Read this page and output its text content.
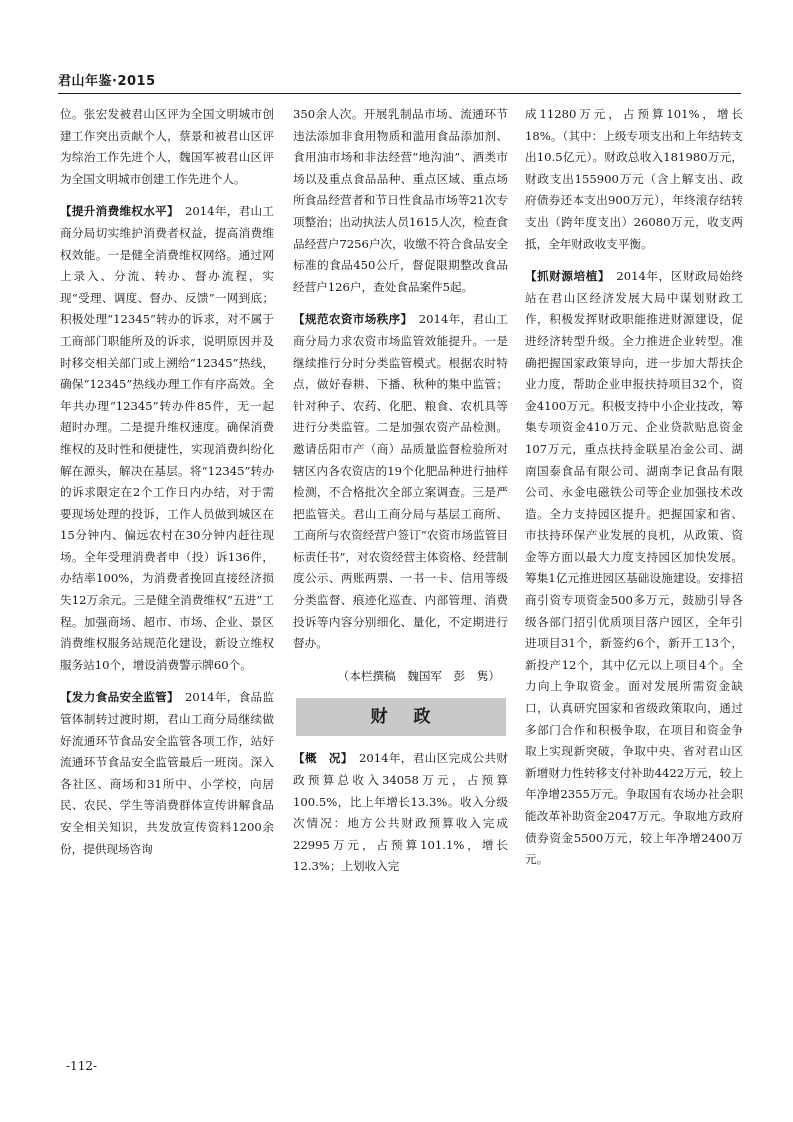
君山年鉴·2015

位。张宏发被君山区评为全国文明城市创建工作突出贡献个人，蔡景和被君山区评为综治工作先进个人，魏国军被君山区评为全国文明城市创建工作先进个人。

【提升消费维权水平】　 2014年，君山工商分局切实维护消费者权益，提高消费维权效能。一是健全消费维权网络。通过网上录入、分流、转办、督办流程，实现“受理、调度、督办、反馈”一网到底；积极处理“12345”转办的诉求，对不属于工商部门职能所及的诉求，说明原因并及时移交相关部门或上溯给“12345”热线，确保“12345”热线办理工作有序高效。全年共办理“12345”转办件85件，无一起超时办理。二是提升维权速度。确保消费维权的及时性和便捷性，实现消费纠纷化解在源头，解决在基层。将“12345”转办的诉求限定在2个工作日内办结，对于需要现场处理的投诉，工作人员做到城区在15分钟内、偏远农村在30分钟内赶往现场。全年受理消费者申（投）诉136件，办结率100%，为消费者挽回直接经济损失12万余元。三是健全消费维权“五进”工程。加强商场、超市、市场、企业、景区消费维权服务站规范化建设，新设立维权服务站10个，增设消费警示牌60个。

【发力食品安全监管】　 2014年，食品监管体制转过渡时期，君山工商分局继续做好流通环节食品安全监管各项工作，站好流通环节食品安全监管最后一班岗。深入各社区、商场和31所中、小学校，向居民、农民、学生等消费群体宣传讲解食品安全相关知识，共发放宣传资料1200余份，提供现场咨询

350余人次。开展乳制品市场、流通环节违法添加非食用物质和滥用食品添加剂、食用油市场和非法经营“地沟油”、酒类市场以及重点食品品种、重点区域、重点场所食品经营者和节日性食品市场等21次专项整治；出动执法人员1615人次，检查食品经营户7256户次，收缴不符合食品安全标准的食品450公斤，督促限期整改食品经营户126户，查处食品案件5起。

【规范农资市场秩序】　 2014年，君山工商分局力求农资市场监管效能提升。一是继续推行分时分类监管模式。根据农时特点，做好春耕、下播、秋种的集中监管；针对种子、农药、化肥、粮食、农机具等进行分类监管。二是加强农资产品检测。邀请岳阳市产（商）品质量监督检验所对辖区内各农资店的19个化肥品种进行抽样检测，不合格批次全部立案调查。三是严把监管关。君山工商分局与基层工商所、工商所与农资经营户签订“农资市场监管目标责任书”，对农资经营主体资格、经营制度公示、两账两票、一书一卡、信用等级分类监督、痕迹化巡查、内部管理、消费投诉等内容分别细化、量化，不定期进行督办。

（本栏撰稿　魏国军　彭　隽）

财政

【概　况】　 2014年，君山区完成公共财政预算总收入34058万元，占预算100.5%，比上年增长13.3%。收入分级次情况：地方公共财政预算收入完成22995万元，占预算101.1%，增长12.3%；上划收入完

成11280万元，占预算101%，增长18%。（其中：上级专项支出和上年结转支出10.5亿元）。财政总收入181980万元，财政支出155900万元（含上解支出、政府债券还本支出900万元），年终滚存结转支出（跨年度支出）26080万元，收支两抵，全年财政收支平衡。

【抓财源培植】　 2014年，区财政局始终站在君山区经济发展大局中谋划财政工作，积极发挥财政职能推进财源建设，促进经济转型升级。全力推进企业转型。准确把握国家政策导向，进一步加大帮扶企业力度，帮助企业申报扶持项目32个，资金4100万元。积极支持中小企业技改，筹集专项资金410万元、企业贷款贴息资金107万元，重点扶持金联星冶金公司、湖南国泰食品有限公司、湖南李记食品有限公司、永金电磁铁公司等企业加强技术改造。全力支持园区提升。把握国家和省、市扶持环保产业发展的良机，从政策、资金等方面以最大力度支持园区加快发展。筹集1亿元推进园区基础设施建设。安排招商引资专项资金500多万元，鼓励引导各级各部门招引优质项目落户园区，全年引进项目31个，新签约6个，新开工13个，新投产12个，其中亿元以上项目4个。全力向上争取资金。面对发展所需资金缺口，认真研究国家和省级政策取向，通过多部门合作和积极争取，在项目和资金争取上实现新突破，争取中央、省对君山区新增财力性转移支付补助4422万元，较上年净增2355万元。争取国有农场办社会职能改革补助资金2047万元。争取地方政府债券资金5500万元，较上年净增2400万元。

-112-
